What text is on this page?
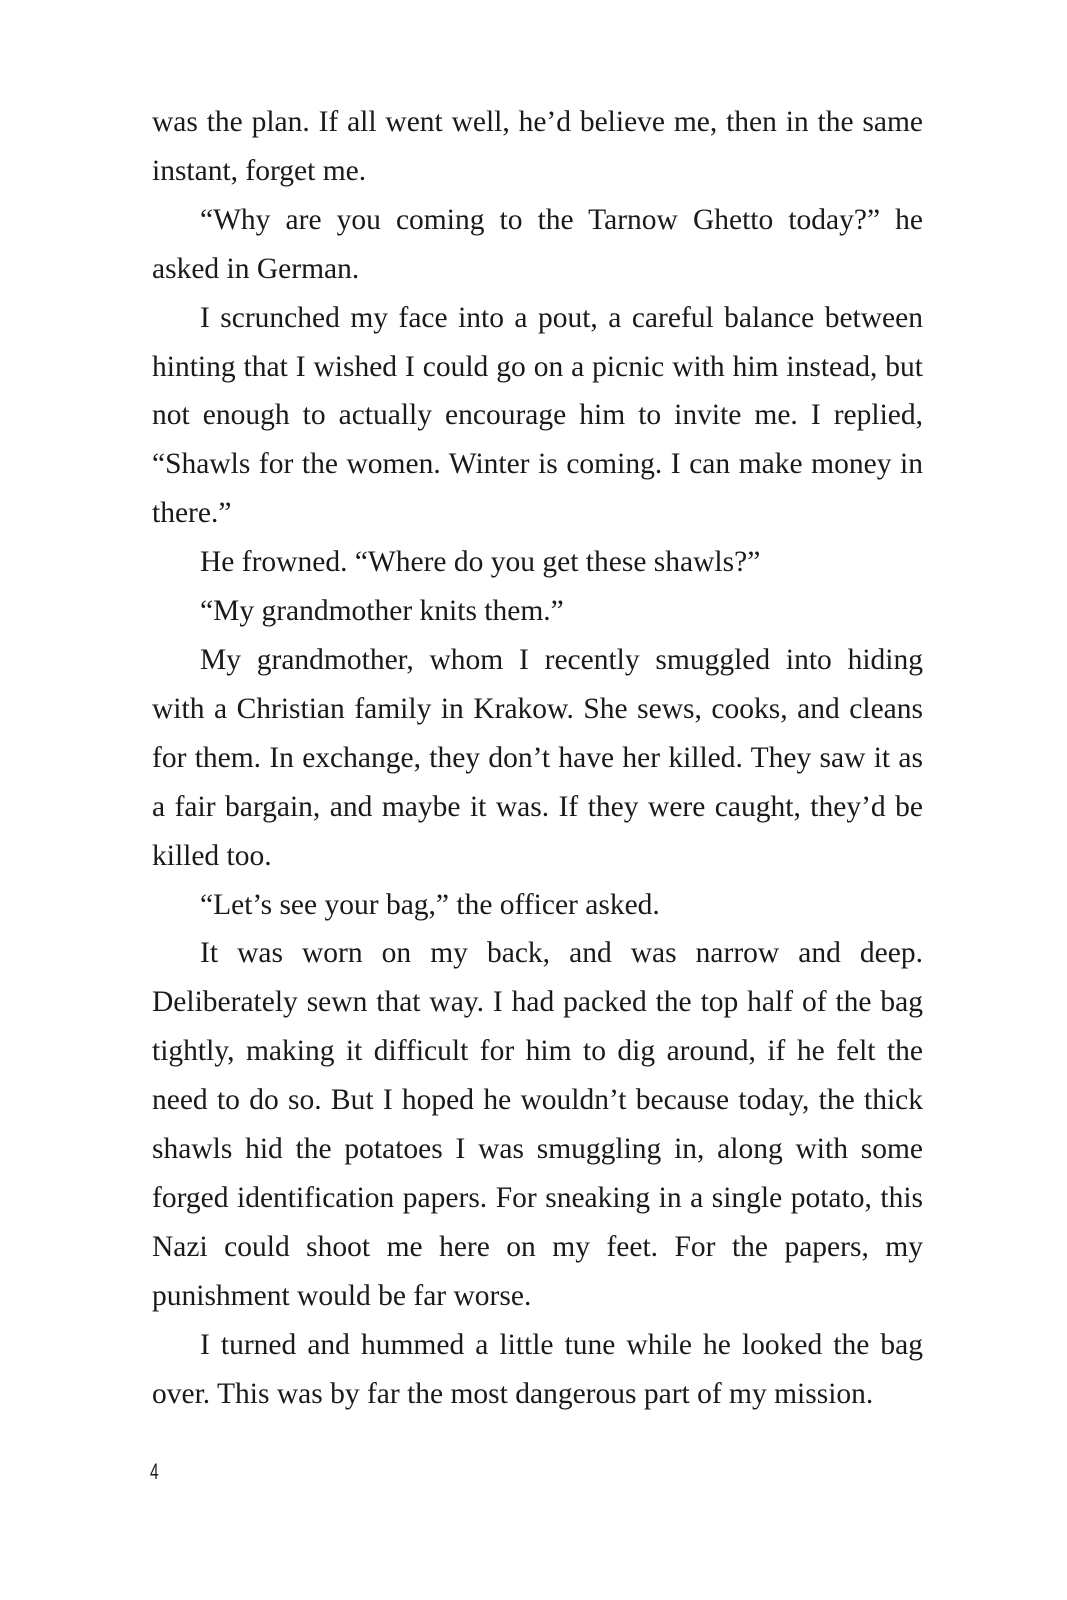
was the plan. If all went well, he’d believe me, then in the same instant, forget me.

“Why are you coming to the Tarnow Ghetto today?” he asked in German.

I scrunched my face into a pout, a careful balance between hinting that I wished I could go on a picnic with him instead, but not enough to actually encourage him to invite me. I replied, “Shawls for the women. Winter is coming. I can make money in there.”

He frowned. “Where do you get these shawls?”

“My grandmother knits them.”

My grandmother, whom I recently smuggled into hiding with a Christian family in Krakow. She sews, cooks, and cleans for them. In exchange, they don’t have her killed. They saw it as a fair bargain, and maybe it was. If they were caught, they’d be killed too.

“Let’s see your bag,” the officer asked.

It was worn on my back, and was narrow and deep. Deliberately sewn that way. I had packed the top half of the bag tightly, making it difficult for him to dig around, if he felt the need to do so. But I hoped he wouldn’t because today, the thick shawls hid the potatoes I was smuggling in, along with some forged identification papers. For sneaking in a single potato, this Nazi could shoot me here on my feet. For the papers, my punishment would be far worse.

I turned and hummed a little tune while he looked the bag over. This was by far the most dangerous part of my mission.

4
